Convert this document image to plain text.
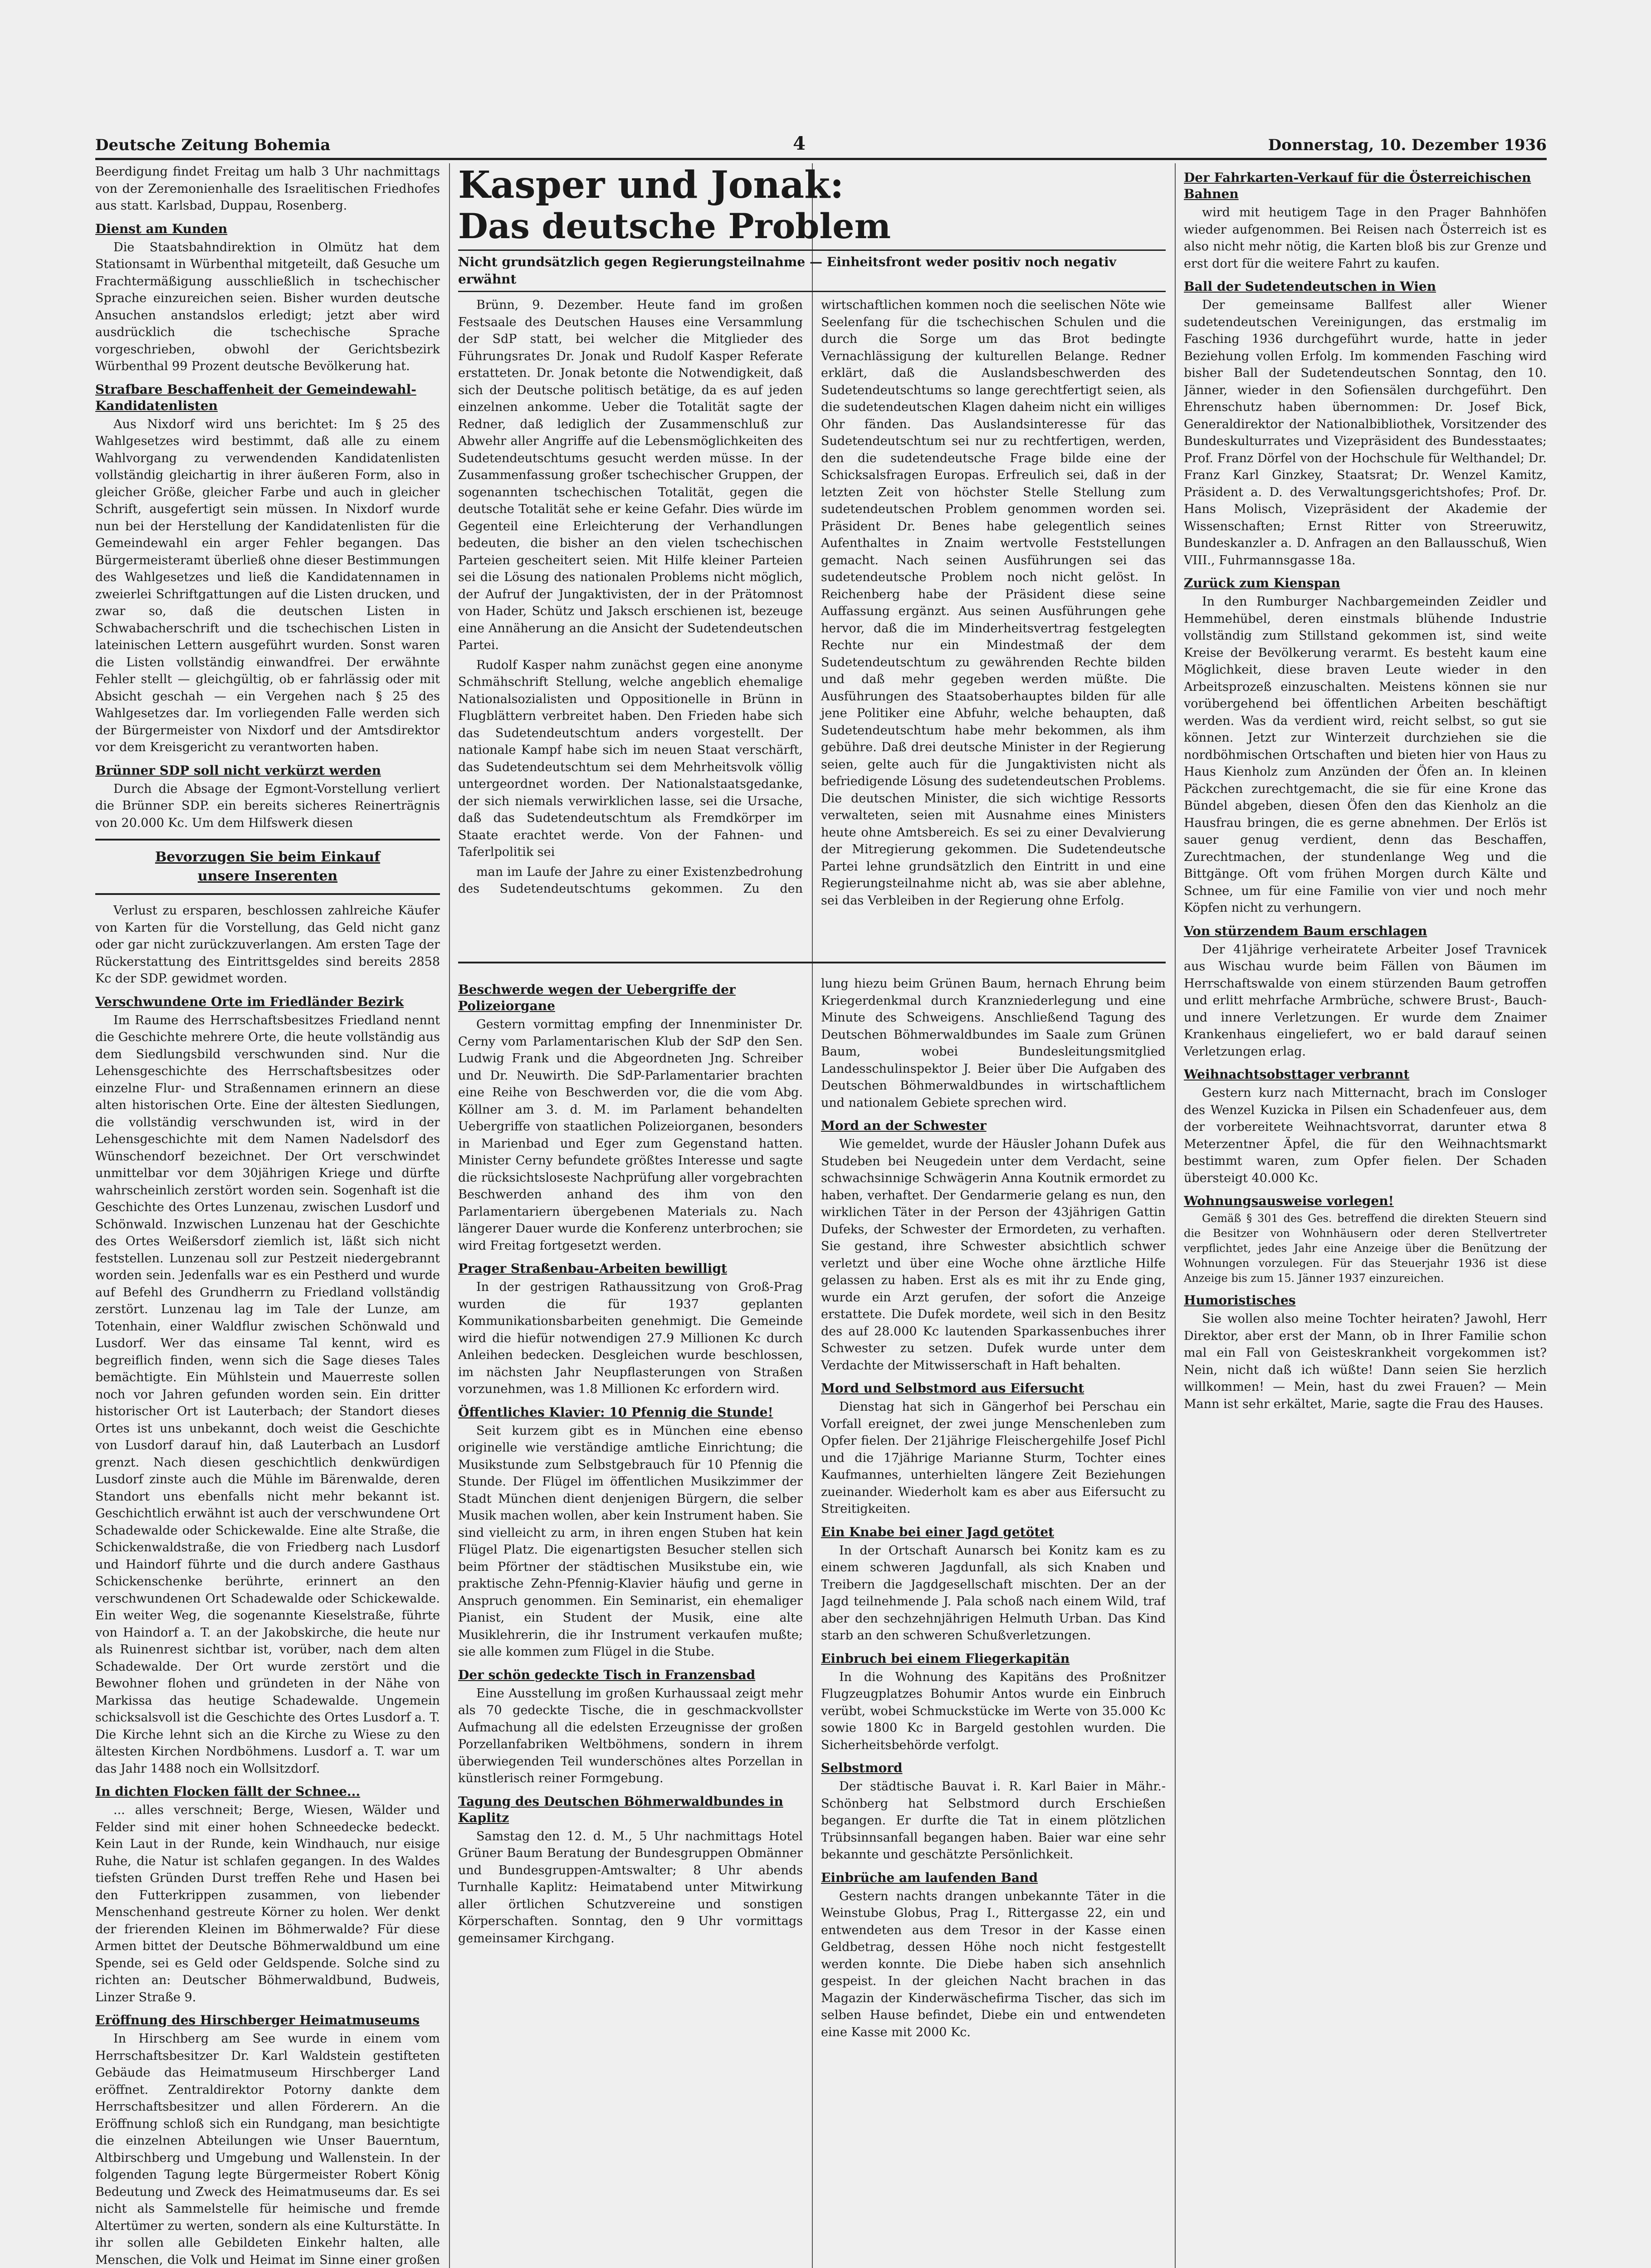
Deutsche Zeitung Bohemia	4	Donnerstag, 10. Dezember 1936

Beerdigung findet Freitag um halb 3 Uhr nachmittags von der Zeremonienhalle des Israelitischen Friedhofes aus statt. Karlsbad, Duppau, Rosenberg.

Dienst am Kunden

Die Staatsbahndirektion in Olmütz hat dem Stationsamt in Würbenthal mitgeteilt, daß Gesuche um Frachtermäßigung ausschließlich in tschechischer Sprache einzureichen seien. Bisher wurden deutsche Ansuchen anstandslos erledigt; jetzt aber wird ausdrücklich die tschechische Sprache vorgeschrieben, obwohl der Gerichtsbezirk Würbenthal 99 Prozent deutsche Bevölkerung hat.

Strafbare Beschaffenheit der Gemeindewahl-Kandidatenlisten

Aus Nixdorf wird uns berichtet: Im § 25 des Wahlgesetzes wird bestimmt, daß alle zu einem Wahlvorgang zu verwendenden Kandidatenlisten vollständig gleichartig in ihrer äußeren Form, also in gleicher Größe, gleicher Farbe und auch in gleicher Schrift, ausgefertigt sein müssen. In Nixdorf wurde nun bei der Herstellung der Kandidatenlisten für die Gemeindewahl ein arger Fehler begangen. Das Bürgermeisteramt überließ ohne dieser Bestimmungen des Wahlgesetzes und ließ die Kandidatennamen in zweierlei Schriftgattungen auf die Listen drucken, und zwar so, daß die deutschen Listen in Schwabacherschrift und die tschechischen Listen in lateinischen Lettern ausgeführt wurden. Sonst waren die Listen vollständig einwandfrei. Der erwähnte Fehler stellt — gleichgültig, ob er fahrlässig oder mit Absicht geschah — ein Vergehen nach § 25 des Wahlgesetzes dar. Im vorliegenden Falle werden sich der Bürgermeister von Nixdorf und der Amtsdirektor vor dem Kreisgericht zu verantworten haben.

Brünner SDP soll nicht verkürzt werden

Durch die Absage der Egmont-Vorstellung verliert die Brünner SDP. ein bereits sicheres Reinerträgnis von 20.000 Kc. Um dem Hilfswerk diesen

Bevorzugen Sie beim Einkauf
unsere Inserenten

Verlust zu ersparen, beschlossen zahlreiche Käufer von Karten für die Vorstellung, das Geld nicht ganz oder gar nicht zurückzuverlangen. Am ersten Tage der Rückerstattung des Eintrittsgeldes sind bereits 2858 Kc der SDP. gewidmet worden.

Verschwundene Orte im Friedländer Bezirk

Im Raume des Herrschaftsbesitzes Friedland nennt die Geschichte mehrere Orte, die heute vollständig aus dem Siedlungsbild verschwunden sind. Nur die Lehensgeschichte des Herrschaftsbesitzes oder einzelne Flur- und Straßennamen erinnern an diese alten historischen Orte. Eine der ältesten Siedlungen, die vollständig verschwunden ist, wird in der Lehensgeschichte mit dem Namen Nadelsdorf des Wünschendorf bezeichnet. Der Ort verschwindet unmittelbar vor dem 30jährigen Kriege und dürfte wahrscheinlich zerstört worden sein. Sogenhaft ist die Geschichte des Ortes Lunzenau, zwischen Lusdorf und Schönwald. Inzwischen Lunzenau hat der Geschichte des Ortes Weißersdorf ziemlich ist, läßt sich nicht feststellen. Lunzenau soll zur Pestzeit niedergebrannt worden sein. Jedenfalls war es ein Pestherd und wurde auf Befehl des Grundherrn zu Friedland vollständig zerstört. Lunzenau lag im Tale der Lunze, am Totenhain, einer Waldflur zwischen Schönwald und Lusdorf. Wer das einsame Tal kennt, wird es begreiflich finden, wenn sich die Sage dieses Tales bemächtigte. Ein Mühlstein und Mauerreste sollen noch vor Jahren gefunden worden sein. Ein dritter historischer Ort ist Lauterbach; der Standort dieses Ortes ist uns unbekannt, doch weist die Geschichte von Lusdorf darauf hin, daß Lauterbach an Lusdorf grenzt. Nach diesen geschichtlich denkwürdigen Lusdorf zinste auch die Mühle im Bärenwalde, deren Standort uns ebenfalls nicht mehr bekannt ist. Geschichtlich erwähnt ist auch der verschwundene Ort Schadewalde oder Schickewalde. Eine alte Straße, die Schickenwaldstraße, die von Friedberg nach Lusdorf und Haindorf führte und die durch andere Gasthaus Schickenschenke berührte, erinnert an den verschwundenen Ort Schadewalde oder Schickewalde. Ein weiter Weg, die sogenannte Kieselstraße, führte von Haindorf a. T. an der Jakobskirche, die heute nur als Ruinenrest sichtbar ist, vorüber, nach dem alten Schadewalde. Der Ort wurde zerstört und die Bewohner flohen und gründeten in der Nähe von Markissa das heutige Schadewalde. Ungemein schicksalsvoll ist die Geschichte des Ortes Lusdorf a. T. Die Kirche lehnt sich an die Kirche zu Wiese zu den ältesten Kirchen Nordböhmens. Lusdorf a. T. war um das Jahr 1488 noch ein Wollsitzdorf.

In dichten Flocken fällt der Schnee...

... alles verschneit; Berge, Wiesen, Wälder und Felder sind mit einer hohen Schneedecke bedeckt. Kein Laut in der Runde, kein Windhauch, nur eisige Ruhe, die Natur ist schlafen gegangen. In des Waldes tiefsten Gründen Durst treffen Rehe und Hasen bei den Futterkrippen zusammen, von liebender Menschenhand gestreute Körner zu holen. Wer denkt der frierenden Kleinen im Böhmerwalde? Für diese Armen bittet der Deutsche Böhmerwaldbund um eine Spende, sei es Geld oder Geldspende. Solche sind zu richten an: Deutscher Böhmerwaldbund, Budweis, Linzer Straße 9.

Eröffnung des Hirschberger Heimatmuseums

In Hirschberg am See wurde in einem vom Herrschaftsbesitzer Dr. Karl Waldstein gestifteten Gebäude das Heimatmuseum Hirschberger Land eröffnet. Zentraldirektor Potorny dankte dem Herrschaftsbesitzer und allen Förderern. An die Eröffnung schloß sich ein Rundgang, man besichtigte die einzelnen Abteilungen wie Unser Bauerntum, Altbirschberg und Umgebung und Wallenstein. In der folgenden Tagung legte Bürgermeister Robert König Bedeutung und Zweck des Heimatmuseums dar. Es sei nicht als Sammelstelle für heimische und fremde Altertümer zu werten, sondern als eine Kulturstätte. In ihr sollen alle Gebildeten Einkehr halten, alle Menschen, die Volk und Heimat im Sinne einer großen

Kasper und Jonak:
Das deutsche Problem
Nicht grundsätzlich gegen Regierungsteilnahme — Einheitsfront weder positiv noch negativ erwähnt

Brünn, 9. Dezember. Heute fand im großen Festsaale des Deutschen Hauses eine Versammlung der SdP statt, bei welcher die Mitglieder des Führungsrates Dr. Jonak und Rudolf Kasper Referate erstatteten. Dr. Jonak betonte die Notwendigkeit, daß sich der Deutsche politisch betätige, da es auf jeden einzelnen ankomme. Ueber die Totalität sagte der Redner, daß lediglich der Zusammenschluß zur Abwehr aller Angriffe auf die Lebensmöglichkeiten des Sudetendeutschtums gesucht werden müsse. In der Zusammenfassung großer tschechischer Gruppen, der sogenannten tschechischen Totalität, gegen die deutsche Totalität sehe er keine Gefahr. Dies würde im Gegenteil eine Erleichterung der Verhandlungen bedeuten, die bisher an den vielen tschechischen Parteien gescheitert seien. Mit Hilfe kleiner Parteien sei die Lösung des nationalen Problems nicht möglich, der Aufruf der Jungaktivisten, der in der Prätomnost von Hader, Schütz und Jaksch erschienen ist, bezeuge eine Annäherung an die Ansicht der Sudetendeutschen Partei.

Rudolf Kasper nahm zunächst gegen eine anonyme Schmähschrift Stellung, welche angeblich ehemalige Nationalsozialisten und Oppositionelle in Brünn in Flugblättern verbreitet haben. Den Frieden habe sich das Sudetendeutschtum anders vorgestellt. Der nationale Kampf habe sich im neuen Staat verschärft, das Sudetendeutschtum sei dem Mehrheitsvolk völlig untergeordnet worden. Der Nationalstaatsgedanke, der sich niemals verwirklichen lasse, sei die Ursache, daß das Sudetendeutschtum als Fremdkörper im Staate erachtet werde. Von der Fahnen- und Taferlpolitik sei

man im Laufe der Jahre zu einer Existenzbedrohung des Sudetendeutschtums gekommen. Zu den wirtschaftlichen kommen noch die seelischen Nöte wie Seelenfang für die tschechischen Schulen und die durch die Sorge um das Brot bedingte Vernachlässigung der kulturellen Belange. Redner erklärt, daß die Auslandsbeschwerden des Sudetendeutschtums so lange gerechtfertigt seien, als die sudetendeutschen Klagen daheim nicht ein williges Ohr fänden. Das Auslandsinteresse für das Sudetendeutschtum sei nur zu rechtfertigen, werden, den die sudetendeutsche Frage bilde eine der Schicksalsfragen Europas. Erfreulich sei, daß in der letzten Zeit von höchster Stelle Stellung zum sudetendeutschen Problem genommen worden sei. Präsident Dr. Benes habe gelegentlich seines Aufenthaltes in Znaim wertvolle Feststellungen gemacht. Nach seinen Ausführungen sei das sudetendeutsche Problem noch nicht gelöst. In Reichenberg habe der Präsident diese seine Auffassung ergänzt. Aus seinen Ausführungen gehe hervor, daß die im Minderheitsvertrag festgelegten Rechte nur ein Mindestmaß der dem Sudetendeutschtum zu gewährenden Rechte bilden und daß mehr gegeben werden müßte. Die Ausführungen des Staatsoberhauptes bilden für alle jene Politiker eine Abfuhr, welche behaupten, daß Sudetendeutschtum habe mehr bekommen, als ihm gebühre. Daß drei deutsche Minister in der Regierung seien, gelte auch für die Jungaktivisten nicht als befriedigende Lösung des sudetendeutschen Problems. Die deutschen Minister, die sich wichtige Ressorts verwalteten, seien mit Ausnahme eines Ministers heute ohne Amtsbereich. Es sei zu einer Devalvierung der Mitregierung gekommen. Die Sudetendeutsche Partei lehne grundsätzlich den Eintritt in und eine Regierungsteilnahme nicht ab, was sie aber ablehne, sei das Verbleiben in der Regierung ohne Erfolg.

Beschwerde wegen der Uebergriffe der Polizeiorgane

Gestern vormittag empfing der Innenminister Dr. Cerny vom Parlamentarischen Klub der SdP den Sen. Ludwig Frank und die Abgeordneten Jng. Schreiber und Dr. Neuwirth. Die SdP-Parlamentarier brachten eine Reihe von Beschwerden vor, die die vom Abg. Köllner am 3. d. M. im Parlament behandelten Uebergriffe von staatlichen Polizeiorganen, besonders in Marienbad und Eger zum Gegenstand hatten. Minister Cerny befundete größtes Interesse und sagte die rücksichtsloseste Nachprüfung aller vorgebrachten Beschwerden anhand des ihm von den Parlamentariern übergebenen Materials zu. Nach längerer Dauer wurde die Konferenz unterbrochen; sie wird Freitag fortgesetzt werden.

Prager Straßenbau-Arbeiten bewilligt

In der gestrigen Rathaussitzung von Groß-Prag wurden die für 1937 geplanten Kommunikationsbarbeiten genehmigt. Die Gemeinde wird die hiefür notwendigen 27.9 Millionen Kc durch Anleihen bedecken. Desgleichen wurde beschlossen, im nächsten Jahr Neupflasterungen von Straßen vorzunehmen, was 1.8 Millionen Kc erfordern wird.

Öffentliches Klavier: 10 Pfennig die Stunde!

Seit kurzem gibt es in München eine ebenso originelle wie verständige amtliche Einrichtung; die Musikstunde zum Selbstgebrauch für 10 Pfennig die Stunde. Der Flügel im öffentlichen Musikzimmer der Stadt München dient denjenigen Bürgern, die selber Musik machen wollen, aber kein Instrument haben. Sie sind vielleicht zu arm, in ihren engen Stuben hat kein Flügel Platz. Die eigenartigsten Besucher stellen sich beim Pförtner der städtischen Musikstube ein, wie praktische Zehn-Pfennig-Klavier häufig und gerne in Anspruch genommen. Ein Seminarist, ein ehemaliger Pianist, ein Student der Musik, eine alte Musiklehrerin, die ihr Instrument verkaufen mußte; sie alle kommen zum Flügel in die Stube.

Der schön gedeckte Tisch in Franzensbad

Eine Ausstellung im großen Kurhaussaal zeigt mehr als 70 gedeckte Tische, die in geschmackvollster Aufmachung all die edelsten Erzeugnisse der großen Porzellanfabriken Weltböhmens, sondern in ihrem überwiegenden Teil wunderschönes altes Porzellan in künstlerisch reiner Formgebung.

Tagung des Deutschen Böhmerwaldbundes in Kaplitz

Samstag den 12. d. M., 5 Uhr nachmittags Hotel Grüner Baum Beratung der Bundesgruppen Obmänner und Bundesgruppen-Amtswalter; 8 Uhr abends Turnhalle Kaplitz: Heimatabend unter Mitwirkung aller örtlichen Schutzvereine und sonstigen Körperschaften. Sonntag, den 9 Uhr vormittags gemeinsamer Kirchgang.

lung hiezu beim Grünen Baum, hernach Ehrung beim Kriegerdenkmal durch Kranzniederlegung und eine Minute des Schweigens. Anschließend Tagung des Deutschen Böhmerwaldbundes im Saale zum Grünen Baum, wobei Bundesleitungsmitglied Landesschulinspektor J. Beier über Die Aufgaben des Deutschen Böhmerwaldbundes in wirtschaftlichem und nationalem Gebiete sprechen wird.

Mord an der Schwester

Wie gemeldet, wurde der Häusler Johann Dufek aus Studeben bei Neugedein unter dem Verdacht, seine schwachsinnige Schwägerin Anna Koutnik ermordet zu haben, verhaftet. Der Gendarmerie gelang es nun, den wirklichen Täter in der Person der 43jährigen Gattin Dufeks, der Schwester der Ermordeten, zu verhaften. Sie gestand, ihre Schwester absichtlich schwer verletzt und über eine Woche ohne ärztliche Hilfe gelassen zu haben. Erst als es mit ihr zu Ende ging, wurde ein Arzt gerufen, der sofort die Anzeige erstattete. Die Dufek mordete, weil sich in den Besitz des auf 28.000 Kc lautenden Sparkassenbuches ihrer Schwester zu setzen. Dufek wurde unter dem Verdachte der Mitwisserschaft in Haft behalten.

Mord und Selbstmord aus Eifersucht

Dienstag hat sich in Gängerhof bei Perschau ein Vorfall ereignet, der zwei junge Menschenleben zum Opfer fielen. Der 21jährige Fleischergehilfe Josef Pichl und die 17jährige Marianne Sturm, Tochter eines Kaufmannes, unterhielten längere Zeit Beziehungen zueinander. Wiederholt kam es aber aus Eifersucht zu Streitigkeiten.

Ein Knabe bei einer Jagd getötet

In der Ortschaft Aunarsch bei Konitz kam es zu einem schweren Jagdunfall, als sich Knaben und Treibern die Jagdgesellschaft mischten. Der an der Jagd teilnehmende J. Pala schoß nach einem Wild, traf aber den sechzehnjährigen Helmuth Urban. Das Kind starb an den schweren Schußverletzungen.

Einbruch bei einem Fliegerkapitän

In die Wohnung des Kapitäns des Proßnitzer Flugzeugplatzes Bohumir Antos wurde ein Einbruch verübt, wobei Schmuckstücke im Werte von 35.000 Kc sowie 1800 Kc in Bargeld gestohlen wurden. Die Sicherheitsbehörde verfolgt.

Selbstmord

Der städtische Bauvat i. R. Karl Baier in Mähr.-Schönberg hat Selbstmord durch Erschießen begangen. Er durfte die Tat in einem plötzlichen Trübsinnsanfall begangen haben. Baier war eine sehr bekannte und geschätzte Persönlichkeit.

Einbrüche am laufenden Band

Gestern nachts drangen unbekannte Täter in die Weinstube Globus, Prag I., Rittergasse 22, ein und entwendeten aus dem Tresor in der Kasse einen Geldbetrag, dessen Höhe noch nicht festgestellt werden konnte. Die Diebe haben sich ansehnlich gespeist. In der gleichen Nacht brachen in das Magazin der Kinderwäschefirma Tischer, das sich im selben Hause befindet, Diebe ein und entwendeten eine Kasse mit 2000 Kc.

Der Fahrkarten-Verkauf für die Österreichischen Bahnen

wird mit heutigem Tage in den Prager Bahnhöfen wieder aufgenommen. Bei Reisen nach Österreich ist es also nicht mehr nötig, die Karten bloß bis zur Grenze und erst dort für die weitere Fahrt zu kaufen.

Ball der Sudetendeutschen in Wien

Der gemeinsame Ballfest aller Wiener sudetendeutschen Vereinigungen, das erstmalig im Fasching 1936 durchgeführt wurde, hatte in jeder Beziehung vollen Erfolg. Im kommenden Fasching wird bisher Ball der Sudetendeutschen Sonntag, den 10. Jänner, wieder in den Sofiensälen durchgeführt. Den Ehrenschutz haben übernommen: Dr. Josef Bick, Generaldirektor der Nationalbibliothek, Vorsitzender des Bundeskulturrates und Vizepräsident des Bundesstaates; Prof. Franz Dörfel von der Hochschule für Welthandel; Dr. Franz Karl Ginzkey, Staatsrat; Dr. Wenzel Kamitz, Präsident a. D. des Verwaltungsgerichtshofes; Prof. Dr. Hans Molisch, Vizepräsident der Akademie der Wissenschaften; Ernst Ritter von Streeruwitz, Bundeskanzler a. D. Anfragen an den Ballausschuß, Wien VIII., Fuhrmannsgasse 18a.

Zurück zum Kienspan

In den Rumburger Nachbargemeinden Zeidler und Hemmehübel, deren einstmals blühende Industrie vollständig zum Stillstand gekommen ist, sind weite Kreise der Bevölkerung verarmt. Es besteht kaum eine Möglichkeit, diese braven Leute wieder in den Arbeitsprozeß einzuschalten. Meistens können sie nur vorübergehend bei öffentlichen Arbeiten beschäftigt werden. Was da verdient wird, reicht selbst, so gut sie können. Jetzt zur Winterzeit durchziehen sie die nordböhmischen Ortschaften und bieten hier von Haus zu Haus Kienholz zum Anzünden der Öfen an. In kleinen Päckchen zurechtgemacht, die sie für eine Krone das Bündel abgeben, diesen Öfen den das Kienholz an die Hausfrau bringen, die es gerne abnehmen. Der Erlös ist sauer genug verdient, denn das Beschaffen, Zurechtmachen, der stundenlange Weg und die Bittgänge. Oft vom frühen Morgen durch Kälte und Schnee, um für eine Familie von vier und noch mehr Köpfen nicht zu verhungern.

Von stürzendem Baum erschlagen

Der 41jährige verheiratete Arbeiter Josef Travnicek aus Wischau wurde beim Fällen von Bäumen im Herrschaftswalde von einem stürzenden Baum getroffen und erlitt mehrfache Armbrüche, schwere Brust-, Bauch- und innere Verletzungen. Er wurde dem Znaimer Krankenhaus eingeliefert, wo er bald darauf seinen Verletzungen erlag.

Weihnachtsobsttager verbrannt

Gestern kurz nach Mitternacht, brach im Consloger des Wenzel Kuzicka in Pilsen ein Schadenfeuer aus, dem der vorbereitete Weihnachtsvorrat, darunter etwa 8 Meterzentner Äpfel, die für den Weihnachtsmarkt bestimmt waren, zum Opfer fielen. Der Schaden übersteigt 40.000 Kc.

Wohnungsausweise vorlegen!

Gemäß § 301 des Ges. betreffend die direkten Steuern sind die Besitzer von Wohnhäusern oder deren Stellvertreter verpflichtet, jedes Jahr eine Anzeige über die Benützung der Wohnungen vorzulegen. Für das Steuerjahr 1936 ist diese Anzeige bis zum 15. Jänner 1937 einzureichen.

Humoristisches

Sie wollen also meine Tochter heiraten? Jawohl, Herr Direktor, aber erst der Mann, ob in Ihrer Familie schon mal ein Fall von Geisteskrankheit vorgekommen ist? Nein, nicht daß ich wüßte! Dann seien Sie herzlich willkommen! — Mein, hast du zwei Frauen? — Mein Mann ist sehr erkältet, Marie, sagte die Frau des Hauses.
